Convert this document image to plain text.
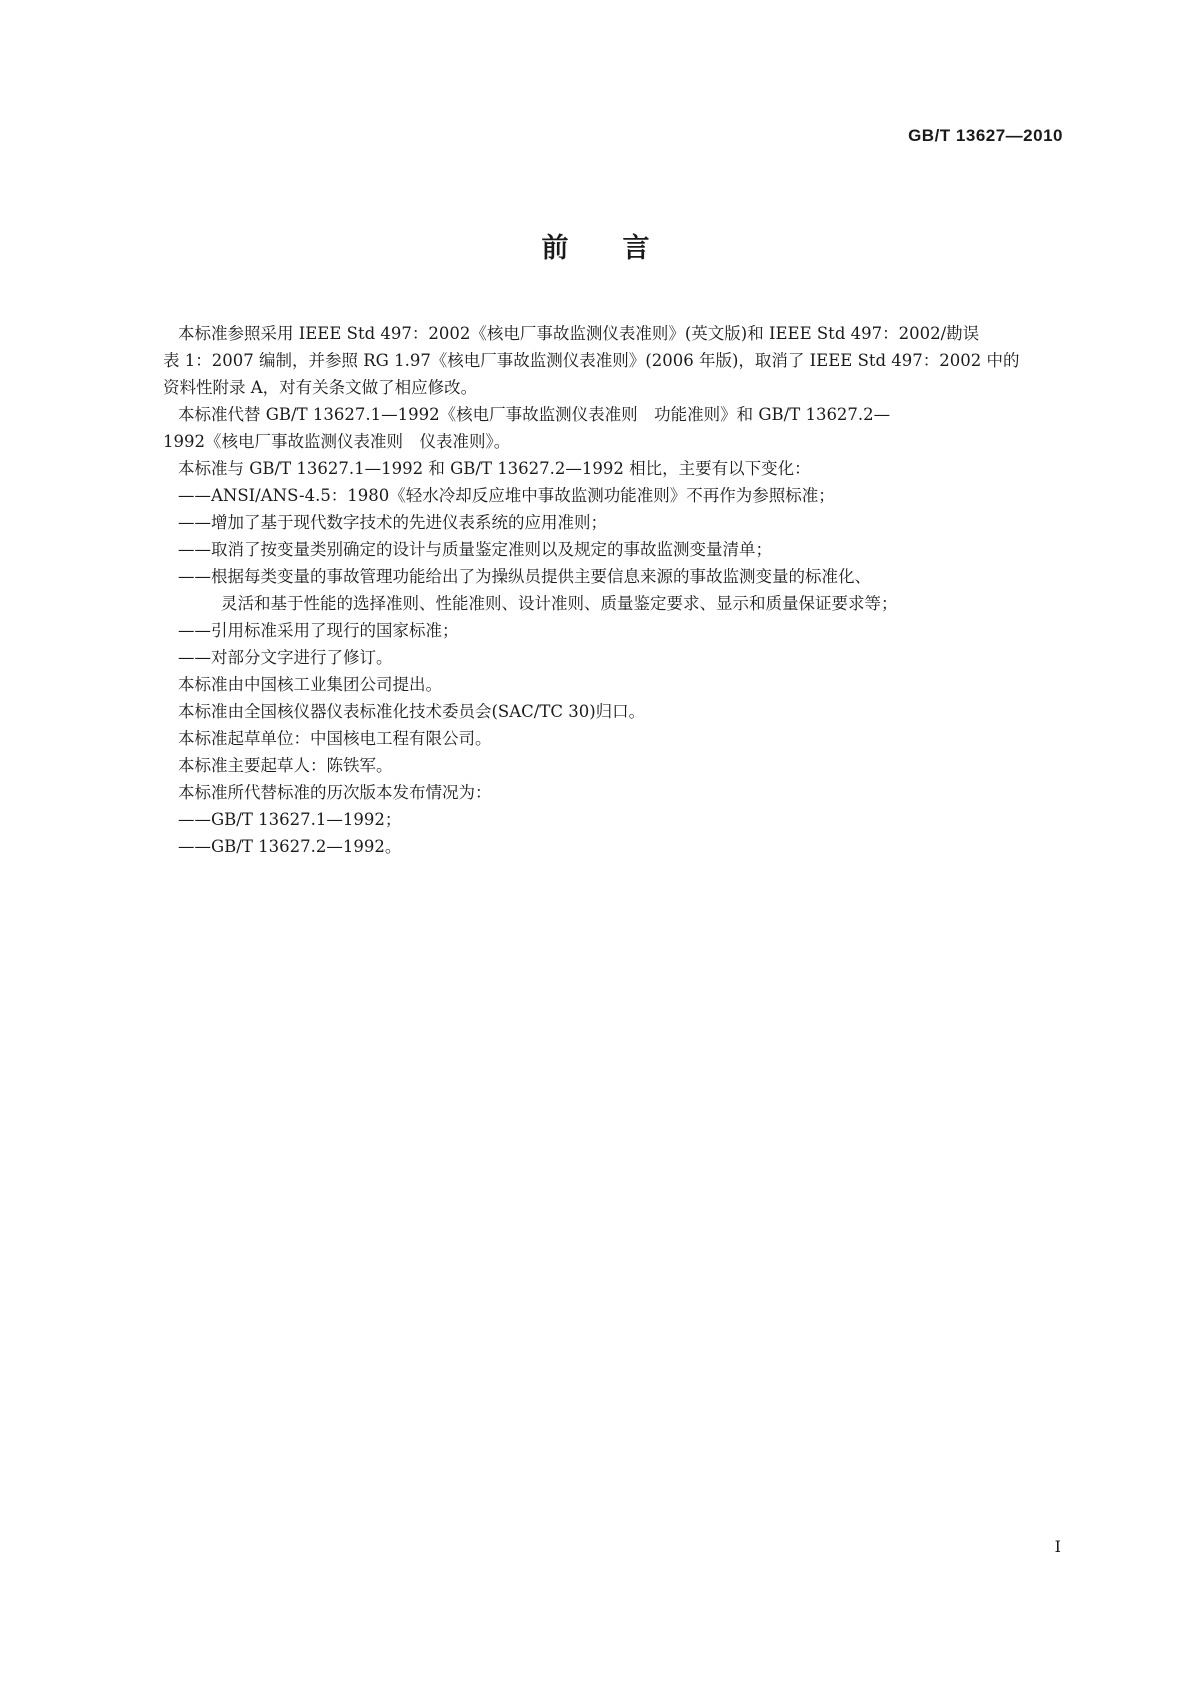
GB/T 13627—2010
前言
本标准参照采用 IEEE Std 497：2002《核电厂事故监测仪表准则》(英文版)和 IEEE Std 497：2002/勘误
表 1：2007 编制，并参照 RG 1.97《核电厂事故监测仪表准则》(2006 年版)，取消了 IEEE Std 497：2002 中的
资料性附录 A，对有关条文做了相应修改。
本标准代替 GB/T 13627.1—1992《核电厂事故监测仪表准则　功能准则》和 GB/T 13627.2—
1992《核电厂事故监测仪表准则　仪表准则》。
本标准与 GB/T 13627.1—1992 和 GB/T 13627.2—1992 相比，主要有以下变化：
——ANSI/ANS-4.5：1980《轻水冷却反应堆中事故监测功能准则》不再作为参照标准；
——增加了基于现代数字技术的先进仪表系统的应用准则；
——取消了按变量类别确定的设计与质量鉴定准则以及规定的事故监测变量清单；
——根据每类变量的事故管理功能给出了为操纵员提供主要信息来源的事故监测变量的标准化、
灵活和基于性能的选择准则、性能准则、设计准则、质量鉴定要求、显示和质量保证要求等；
——引用标准采用了现行的国家标准；
——对部分文字进行了修订。
本标准由中国核工业集团公司提出。
本标准由全国核仪器仪表标准化技术委员会(SAC/TC 30)归口。
本标准起草单位：中国核电工程有限公司。
本标准主要起草人：陈铁军。
本标准所代替标准的历次版本发布情况为：
——GB/T 13627.1—1992；
——GB/T 13627.2—1992。
I
